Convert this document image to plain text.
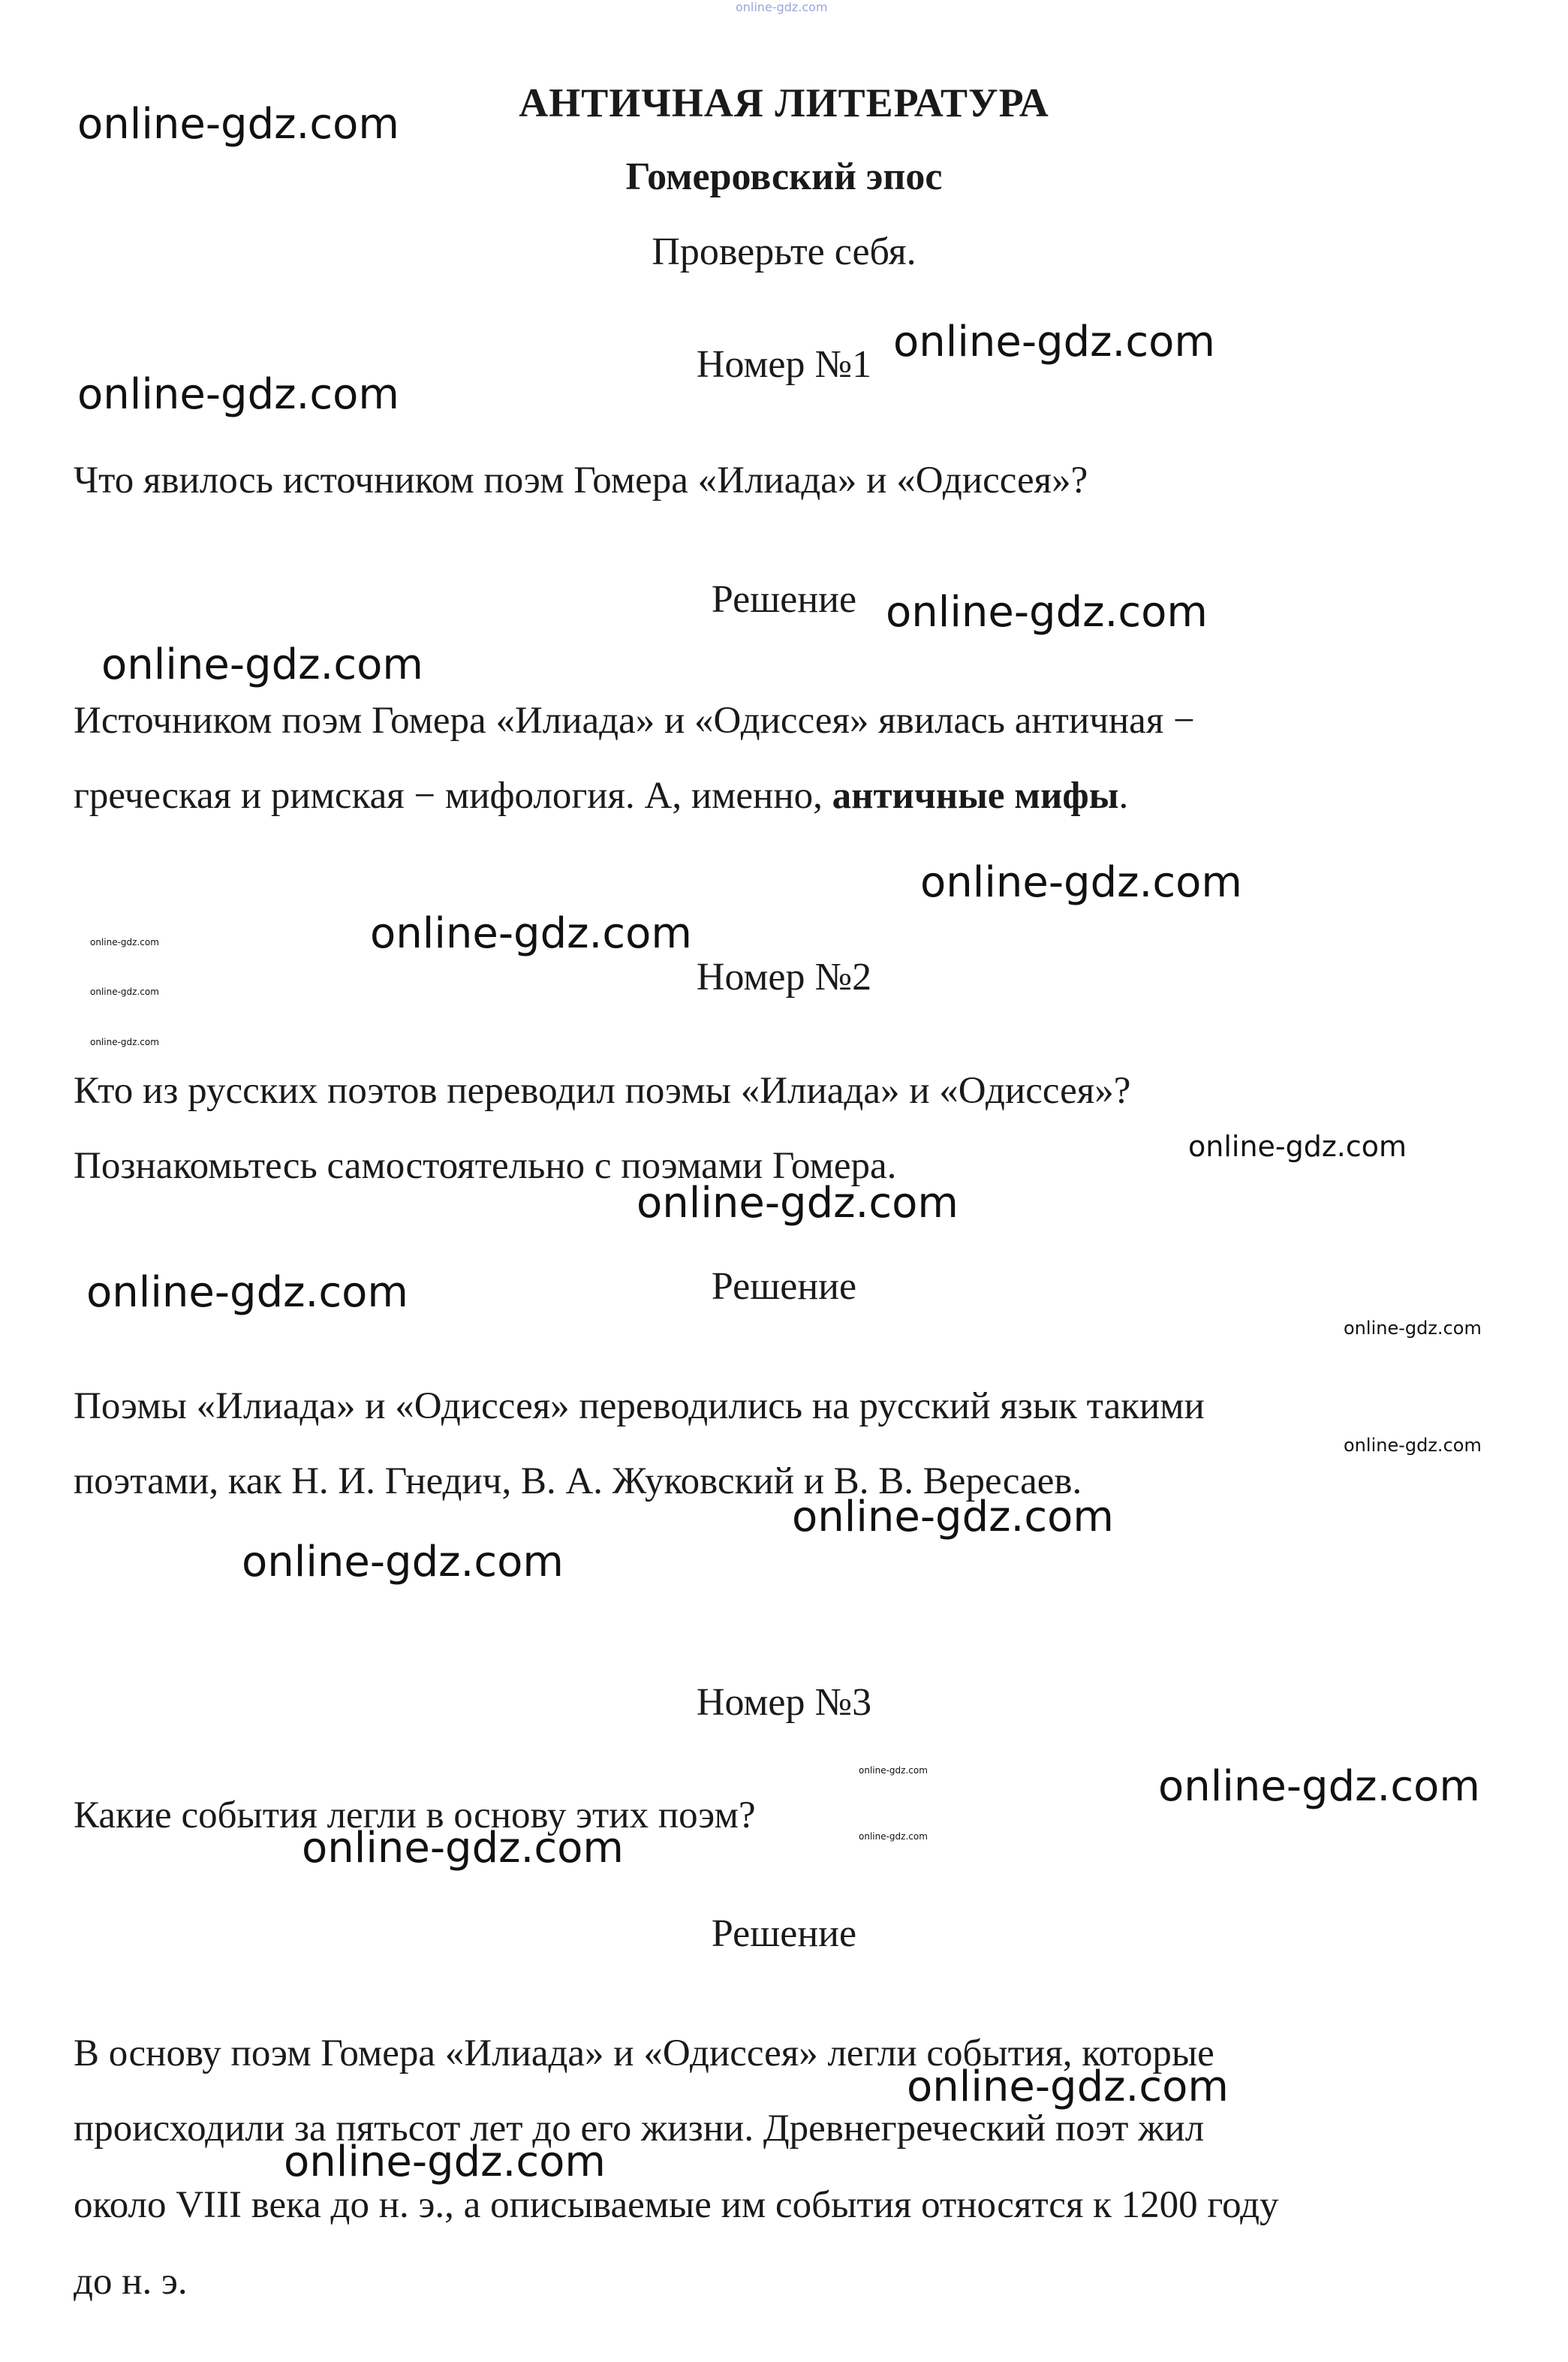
online-gdz.com
АНТИЧНАЯ ЛИТЕРАТУРА
Гомеровский эпос
Проверьте себя.
Номер №1
Что явилось источником поэм Гомера «Илиада» и «Одиссея»?
Решение
Источником поэм Гомера «Илиада» и «Одиссея» явилась античная −
греческая и римская − мифология. А, именно, античные мифы.
Номер №2
Кто из русских поэтов переводил поэмы «Илиада» и «Одиссея»?
Познакомьтесь самостоятельно с поэмами Гомера.
Решение
Поэмы «Илиада» и «Одиссея» переводились на русский язык такими
поэтами, как Н. И. Гнедич, В. А. Жуковский и В. В. Вересаев.
Номер №3
Какие события легли в основу этих поэм?
Решение
В основу поэм Гомера «Илиада» и «Одиссея» легли события, которые
происходили за пятьсот лет до его жизни. Древнегреческий поэт жил
около VIII века до н. э., а описываемые им события относятся к 1200 году
до н. э.
online-gdz.com
online-gdz.com
online-gdz.com
online-gdz.com
online-gdz.com
online-gdz.com
online-gdz.com
online-gdz.com
online-gdz.com
online-gdz.com
online-gdz.com
online-gdz.com
online-gdz.com
online-gdz.com
online-gdz.com
online-gdz.com
online-gdz.com
online-gdz.com
online-gdz.com
online-gdz.com
online-gdz.com
online-gdz.com
online-gdz.com
